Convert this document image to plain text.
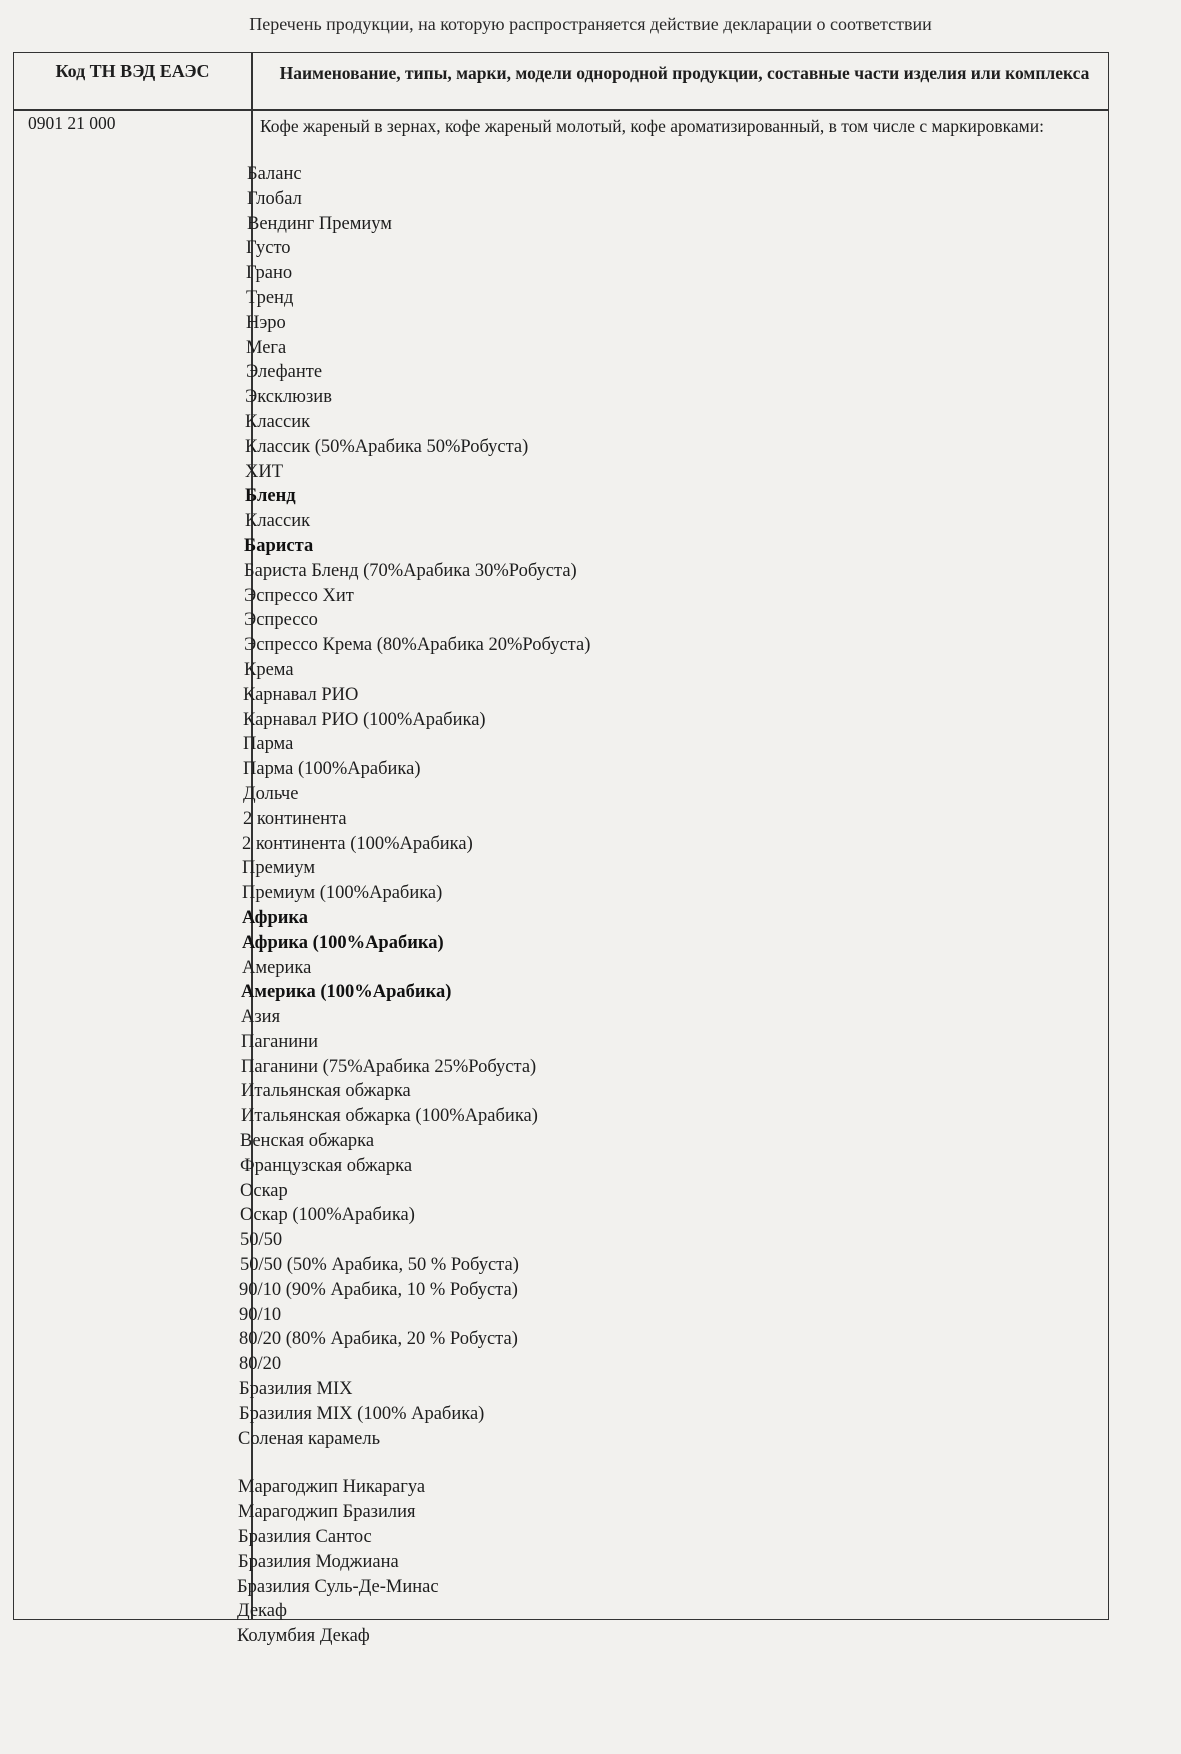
Перечень продукции, на которую распространяется действие декларации о соответствии
Код ТН ВЭД ЕАЭС	Наименование, типы, марки, модели однородной продукции, составные части изделия или комплекса
0901 21 000	Кофе жареный в зернах, кофе жареный молотый, кофе ароматизированный, в том числе с маркировками:
Баланс
Глобал
Вендинг Премиум
Густо
Грано
Тренд
Нэро
Мега
Элефанте
Эксклюзив
Классик
Классик (50%Арабика 50%Робуста)
ХИТ
Бленд
Классик
Бариста
Бариста Бленд (70%Арабика 30%Робуста)
Эспрессо Хит
Эспрессо
Эспрессо Крема (80%Арабика 20%Робуста)
Крема
Карнавал РИО
Карнавал РИО (100%Арабика)
Парма
Парма (100%Арабика)
Дольче
2 континента
2 континента (100%Арабика)
Премиум
Премиум (100%Арабика)
Африка
Африка (100%Арабика)
Америка
Америка (100%Арабика)
Азия
Паганини
Паганини (75%Арабика 25%Робуста)
Итальянская обжарка
Итальянская обжарка (100%Арабика)
Венская обжарка
Французская обжарка
Оскар
Оскар (100%Арабика)
50/50
50/50 (50% Арабика, 50 % Робуста)
90/10 (90% Арабика, 10 % Робуста)
90/10
80/20 (80% Арабика, 20 % Робуста)
80/20
Бразилия MIX
Бразилия MIX (100% Арабика)
Соленая карамель
Марагоджип Никарагуа
Марагоджип Бразилия
Бразилия Сантос
Бразилия Моджиана
Бразилия Суль-Де-Минас
Декаф
Колумбия Декаф
